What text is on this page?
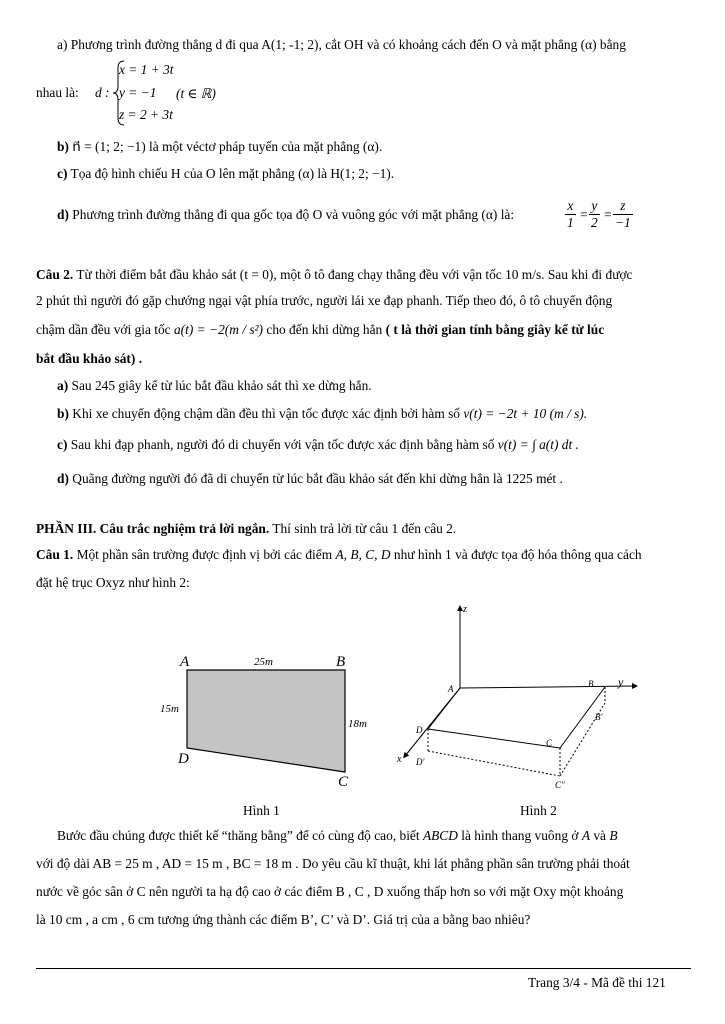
a) Phương trình đường thẳng d đi qua A(1; -1; 2), cắt OH và có khoảng cách đến O và mặt phẳng (α) bằng
nhau là: d :
x = 1 + 3t
y = −1
z = 2 + 3t
(t ∈ ℝ)
b) n⃗ = (1; 2; −1) là một véctơ pháp tuyến của mặt phẳng (α).
c) Tọa độ hình chiếu H của O lên mặt phẳng (α) là H(1; 2; −1).
d) Phương trình đường thẳng đi qua gốc tọa độ O và vuông góc với mặt phẳng (α) là:	$\frac{x}{1} = \frac{y}{2} = \frac{z}{-1}$
Câu 2. Từ thời điểm bắt đầu khảo sát (t = 0), một ô tô đang chạy thẳng đều với vận tốc 10 m/s. Sau khi đi được
2 phút thì người đó gặp chướng ngại vật phía trước, người lái xe đạp phanh. Tiếp theo đó, ô tô chuyển động
chậm dần đều với gia tốc a(t) = −2(m / s²) cho đến khi dừng hẳn ( t là thời gian tính bằng giây kể từ lúc
bắt đầu khảo sát) .
a) Sau 245 giây kể từ lúc bắt đầu khảo sát thì xe dừng hẳn.
b) Khi xe chuyển động chậm dần đều thì vận tốc được xác định bởi hàm số v(t) = −2t + 10 (m / s).
c) Sau khi đạp phanh, người đó di chuyển với vận tốc được xác định bằng hàm số v(t) = ∫ a(t) dt .
d) Quãng đường người đó đã di chuyển từ lúc bắt đầu khảo sát đến khi dừng hẳn là 1225 mét .
PHẦN III. Câu trắc nghiệm trả lời ngắn. Thí sinh trả lời từ câu 1 đến câu 2.
Câu 1. Một phần sân trường được định vị bởi các điểm A, B, C, D như hình 1 và được tọa độ hóa thông qua cách
đặt hệ trục Oxyz như hình 2:
A	B
C
D
25m
15m
18m
Hình 1
z
y
x
A	B
B′
C
C″
D
D′
Hình 2
Bước đầu chúng được thiết kế “thăng bằng” để có cùng độ cao, biết ABCD là hình thang vuông ở A và B
với độ dài AB = 25 m , AD = 15 m , BC = 18 m . Do yêu cầu kĩ thuật, khi lát phẳng phần sân trường phải thoát
nước về góc sân ở C nên người ta hạ độ cao ở các điểm B , C , D xuống thấp hơn so với mặt Oxy một khoảng
là 10 cm , a cm , 6 cm tương ứng thành các điểm B’, C’ và D’. Giá trị của a bằng bao nhiêu?
Trang 3/4 - Mã đề thi 121
